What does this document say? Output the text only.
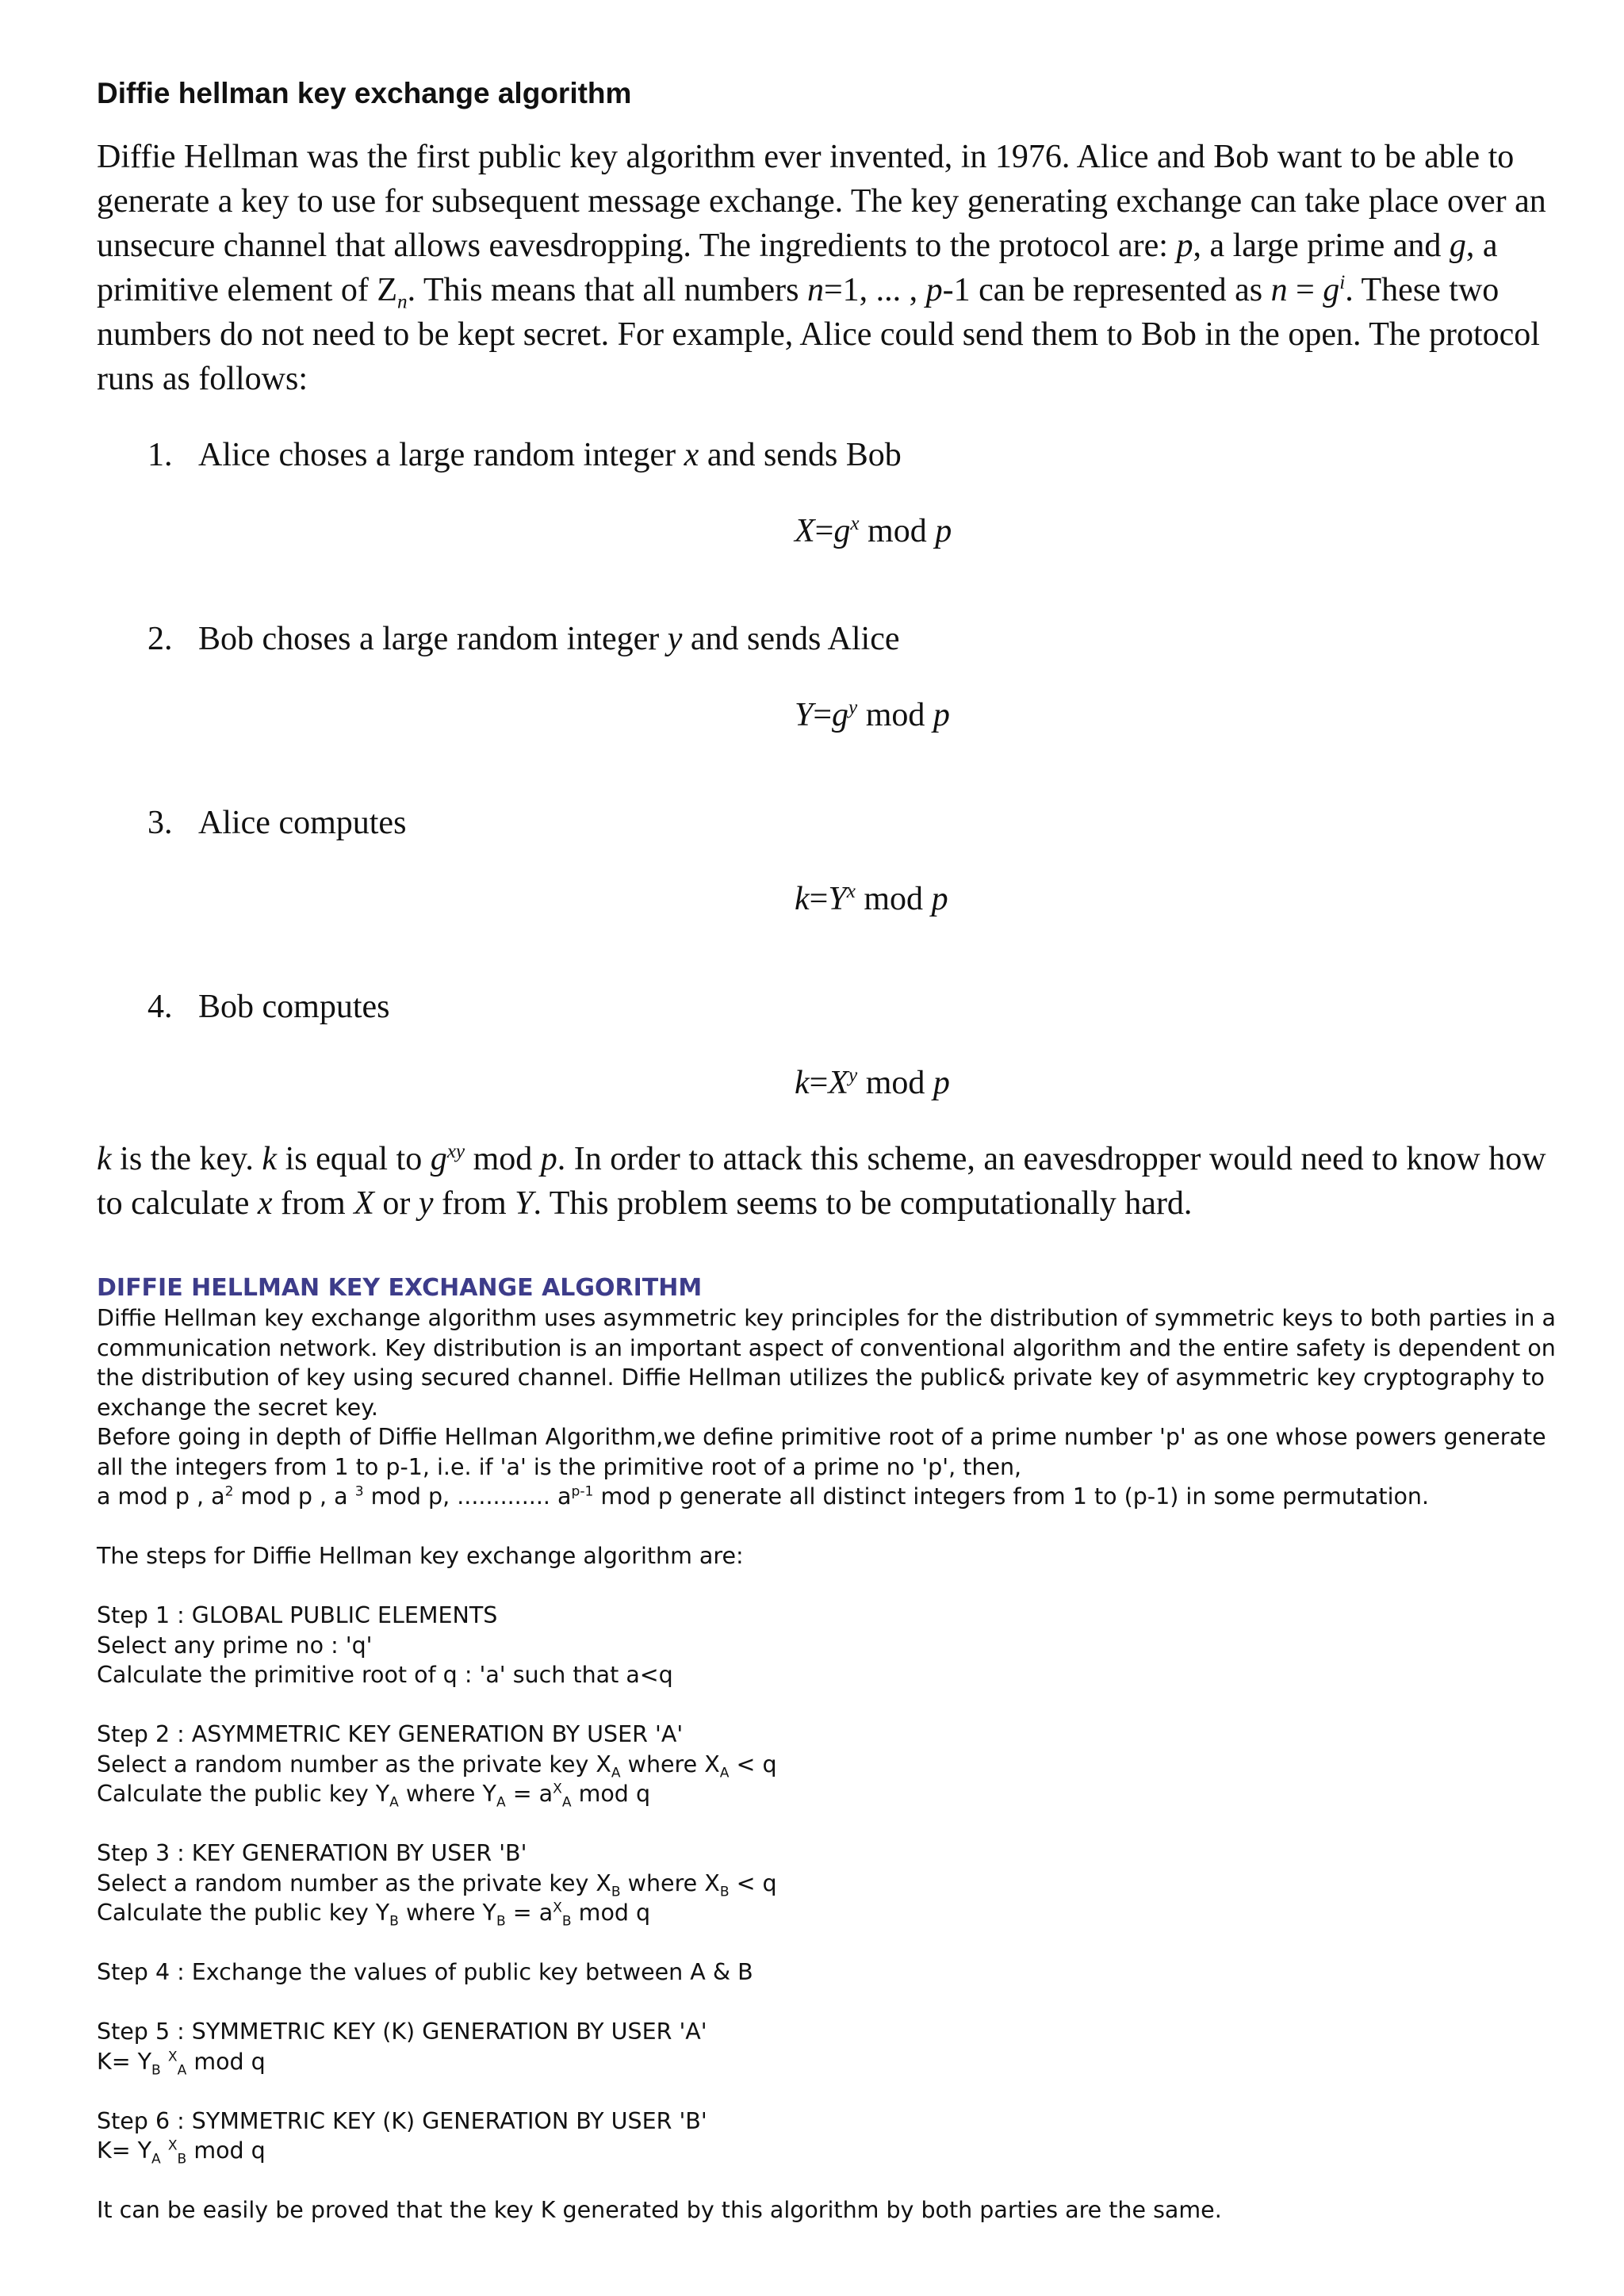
Diffie hellman key exchange algorithm

Diffie Hellman was the first public key algorithm ever invented, in 1976. Alice and Bob want to be able to generate a key to use for subsequent message exchange. The key generating exchange can take place over an unsecure channel that allows eavesdropping. The ingredients to the protocol are: p, a large prime and g, a primitive element of $Z_n$. This means that all numbers n=1, ... , p-1 can be represented as $n = g^i$. These two numbers do not need to be kept secret. For example, Alice could send them to Bob in the open. The protocol runs as follows:

1. Alice choses a large random integer x and sends Bob
$X=g^x$ mod p
2. Bob choses a large random integer y and sends Alice
$Y=g^y$ mod p
3. Alice computes
$k=Y^x$ mod p
4. Bob computes
$k=X^y$ mod p

k is the key. k is equal to $g^{xy}$ mod p. In order to attack this scheme, an eavesdropper would need to know how to calculate x from X or y from Y. This problem seems to be computationally hard.

DIFFIE HELLMAN KEY EXCHANGE ALGORITHM
Diffie Hellman key exchange algorithm uses asymmetric key principles for the distribution of symmetric keys to both parties in a communication network. Key distribution is an important aspect of conventional algorithm and the entire safety is dependent on the distribution of key using secured channel. Diffie Hellman utilizes the public& private key of asymmetric key cryptography to exchange the secret key.
Before going in depth of Diffie Hellman Algorithm,we define primitive root of a prime number 'p' as one whose powers generate all the integers from 1 to p-1, i.e. if 'a' is the primitive root of a prime no 'p', then,
a mod p , $a^2$ mod p , a $^3$ mod p, ............. $a^{p-1}$ mod p generate all distinct integers from 1 to (p-1) in some permutation.
The steps for Diffie Hellman key exchange algorithm are:
Step 1 : GLOBAL PUBLIC ELEMENTS
Select any prime no : 'q'
Calculate the primitive root of q : 'a' such that a<q
Step 2 : ASYMMETRIC KEY GENERATION BY USER 'A'
Select a random number as the private key $X_A$ where $X_A < q$
Calculate the public key $Y_A$ where $Y_A = a^X_A$ mod q
Step 3 : KEY GENERATION BY USER 'B'
Select a random number as the private key $X_B$ where $X_B < q$
Calculate the public key $Y_B$ where $Y_B = a^X_B$ mod q
Step 4 : Exchange the values of public key between A & B
Step 5 : SYMMETRIC KEY (K) GENERATION BY USER 'A'
$K= Y_B$ $^X_A$ mod q
Step 6 : SYMMETRIC KEY (K) GENERATION BY USER 'B'
$K= Y_A$ $^X_B$ mod q
It can be easily be proved that the key K generated by this algorithm by both parties are the same.
